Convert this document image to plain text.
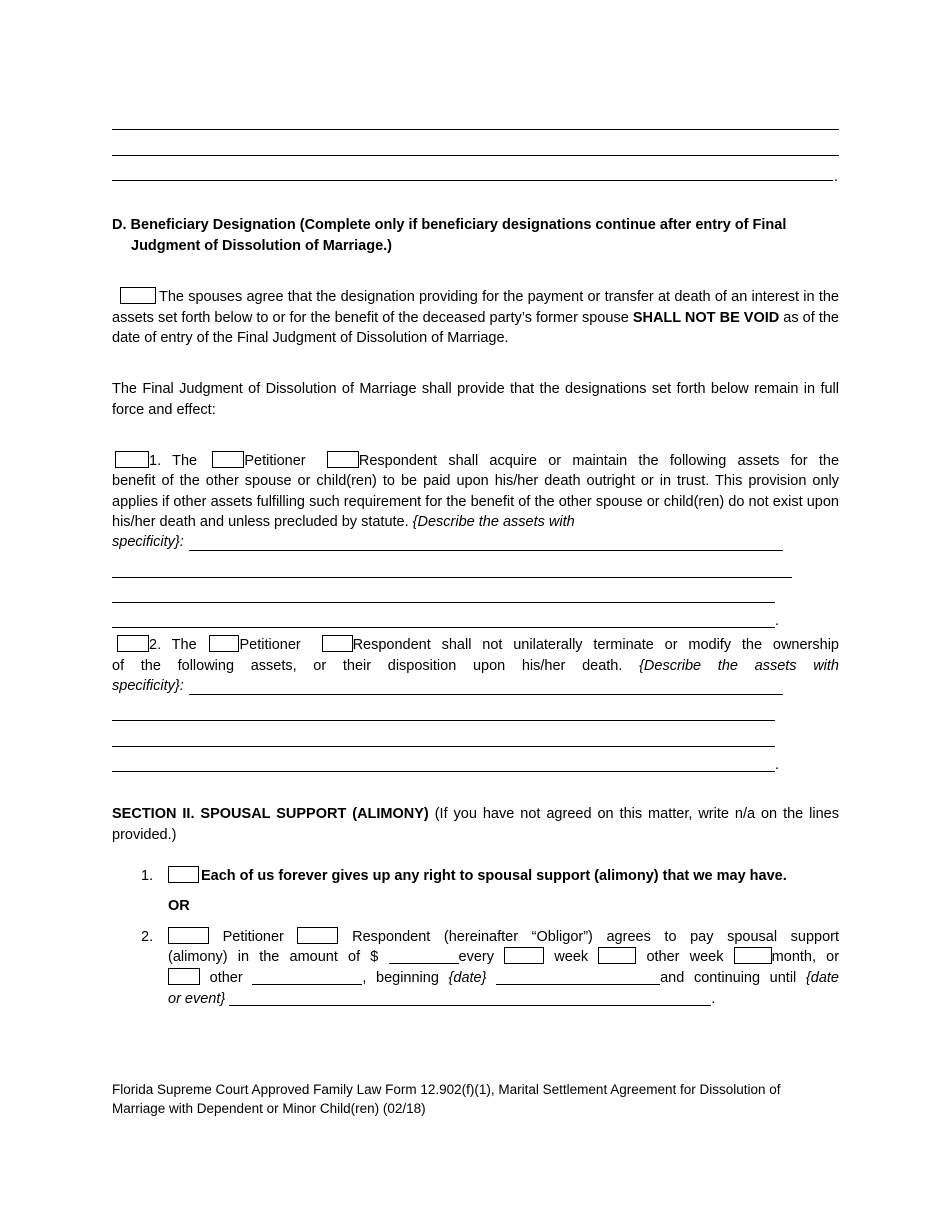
.
D. Beneficiary Designation (Complete only if beneficiary designations continue after entry of Final Judgment of Dissolution of Marriage.)
The spouses agree that the designation providing for the payment or transfer at death of an interest in the assets set forth below to or for the benefit of the deceased party’s former spouse SHALL NOT BE VOID as of the date of entry of the Final Judgment of Dissolution of Marriage.
The Final Judgment of Dissolution of Marriage shall provide that the designations set forth below remain in full force and effect:
1. The	Petitioner	Respondent shall acquire or maintain the following assets for the
benefit of the other spouse or child(ren) to be paid upon his/her death outright or in trust. This provision only applies if other assets fulfilling such requirement for the benefit of the other spouse or child(ren) do not exist upon his/her death and unless precluded by statute. {Describe the assets with
specificity}:
.
2. The	Petitioner	Respondent shall not unilaterally terminate or modify the ownership
of the following assets, or their disposition upon his/her death. {Describe the assets with
specificity}:
.
SECTION II. SPOUSAL SUPPORT (ALIMONY) (If you have not agreed on this matter, write n/a on the lines provided.)
1.	Each of us forever gives up any right to spousal support (alimony) that we may have.
OR
2.	Petitioner	Respondent (hereinafter “Obligor”) agrees to pay spousal support
(alimony) in the amount of $	every	week	other week	month, or
other	, beginning {date}	and continuing until {date
or event}	.
Florida Supreme Court Approved Family Law Form 12.902(f)(1), Marital Settlement Agreement for Dissolution of
Marriage with Dependent or Minor Child(ren) (02/18)
